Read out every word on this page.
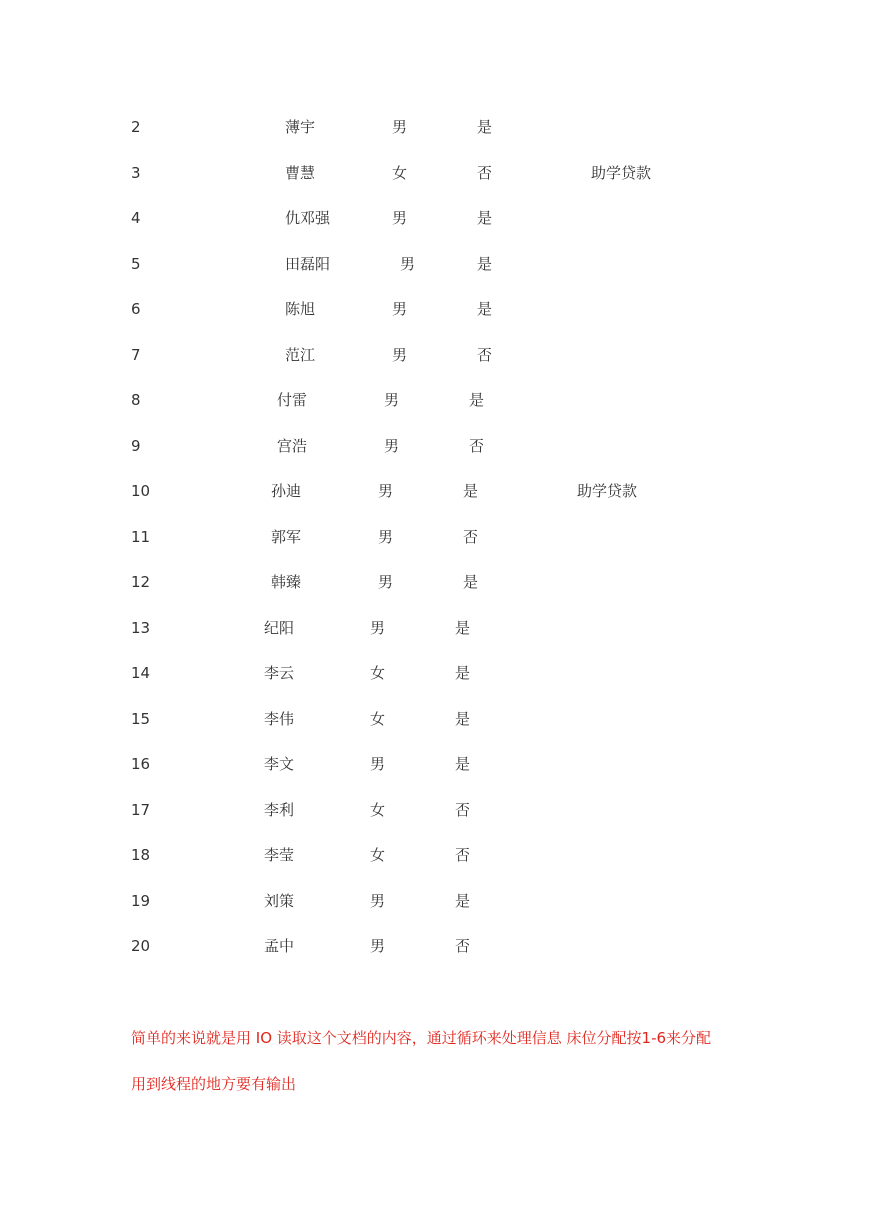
2	薄宇	男	是
3	曹慧	女	否	助学贷款
4	仇邓强	男	是
5	田磊阳	男	是
6	陈旭	男	是
7	范江	男	否
8	付雷	男	是
9	宫浩	男	否
10	孙迪	男	是	助学贷款
11	郭军	男	否
12	韩臻	男	是
13	纪阳	男	是
14	李云	女	是
15	李伟	女	是
16	李文	男	是
17	李利	女	否
18	李莹	女	否
19	刘策	男	是
20	孟中	男	否
简单的来说就是用 IO 读取这个文档的内容，通过循环来处理信息 床位分配按1-6来分配
用到线程的地方要有输出
